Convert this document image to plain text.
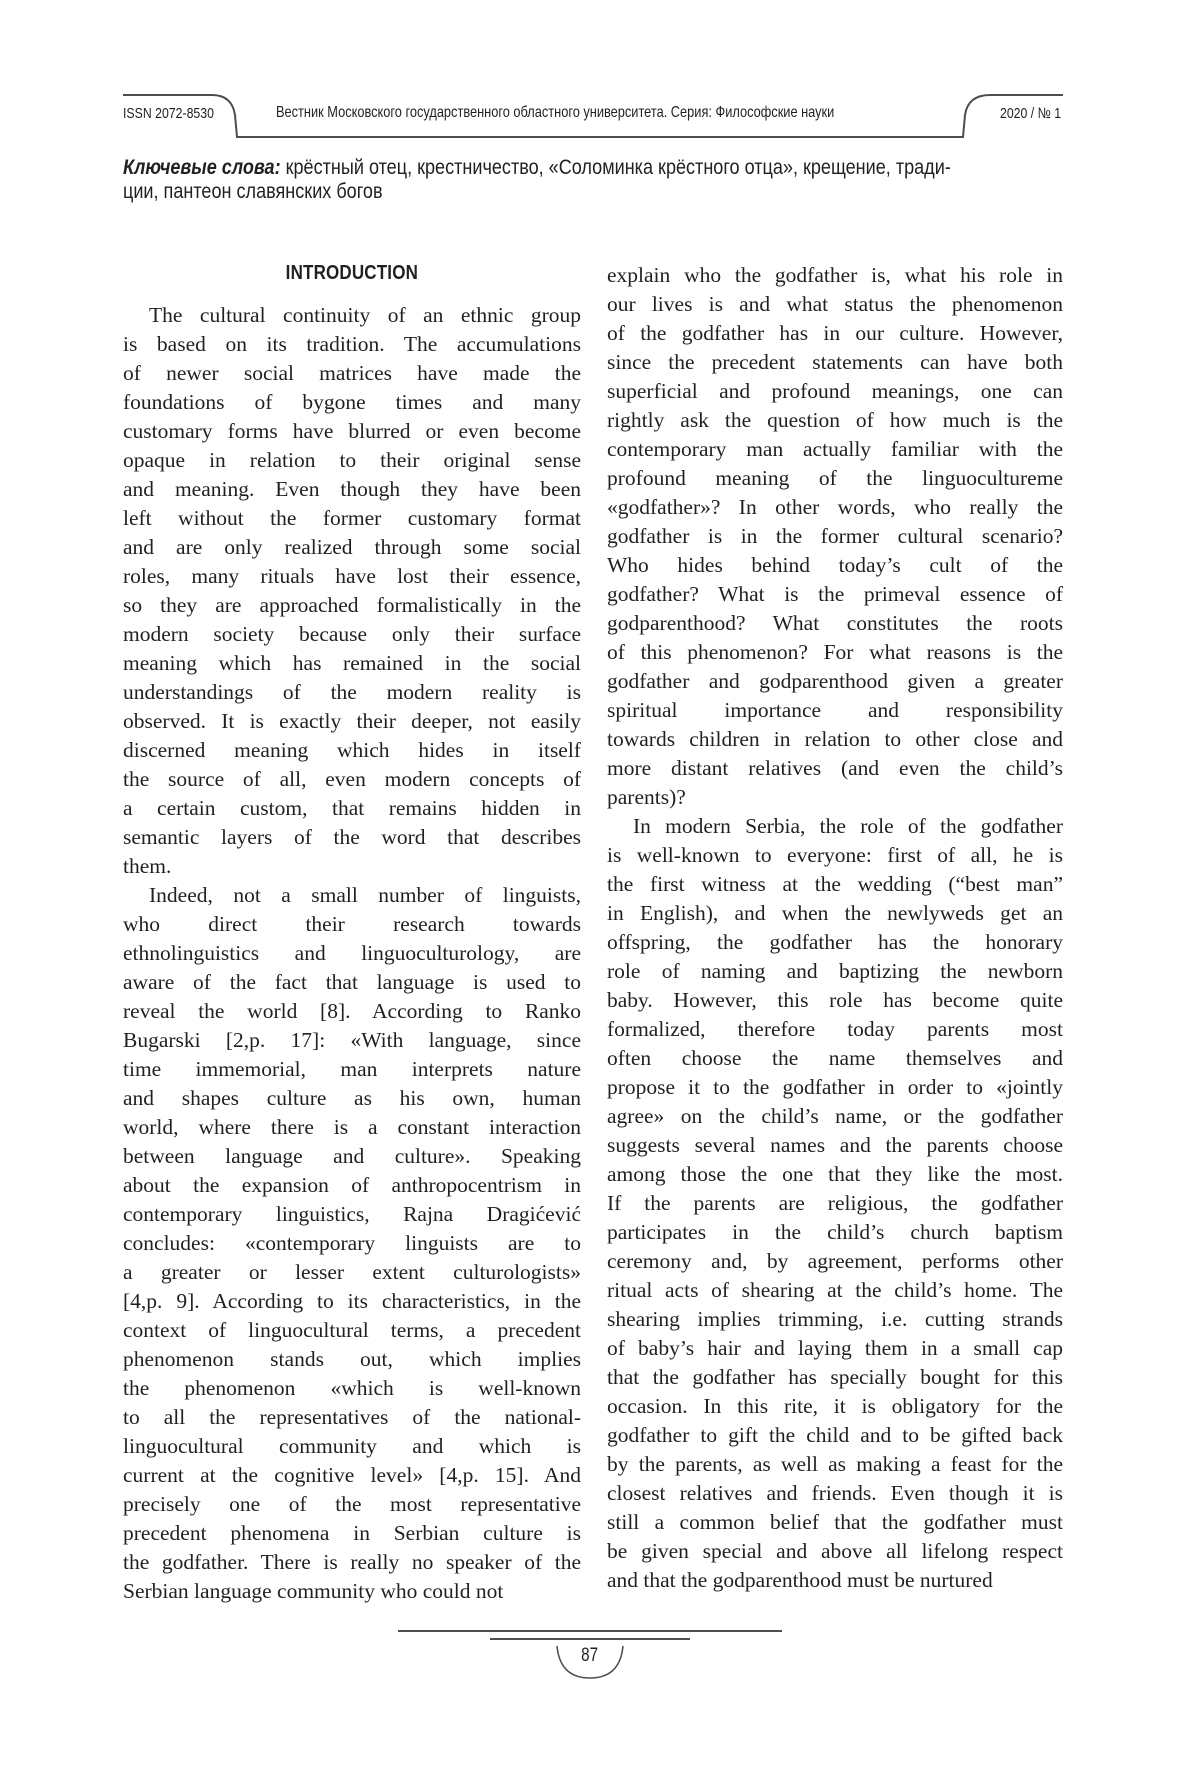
ISSN 2072-8530	Вестник Московского государственного областного университета. Серия: Философские науки	2020 / № 1
Ключевые слова: крёстный отец, крестничество, «Соломинка крёстного отца», крещение, тради-
ции, пантеон славянских богов
INTRODUCTION
The cultural continuity of an ethnic group
is based on its tradition. The accumulations
of newer social matrices have made the
foundations of bygone times and many
customary forms have blurred or even become
opaque in relation to their original sense
and meaning. Even though they have been
left without the former customary format
and are only realized through some social
roles, many rituals have lost their essence,
so they are approached formalistically in the
modern society because only their surface
meaning which has remained in the social
understandings of the modern reality is
observed. It is exactly their deeper, not easily
discerned meaning which hides in itself
the source of all, even modern concepts of
a certain custom, that remains hidden in
semantic layers of the word that describes
them.
Indeed, not a small number of linguists,
who direct their research towards
ethnolinguistics and linguoculturology, are
aware of the fact that language is used to
reveal the world [8]. According to Ranko
Bugarski [2,p. 17]: «With language, since
time immemorial, man interprets nature
and shapes culture as his own, human
world, where there is a constant interaction
between language and culture». Speaking
about the expansion of anthropocentrism in
contemporary linguistics, Rajna Dragićević
concludes: «contemporary linguists are to
a greater or lesser extent culturologists»
[4,p. 9]. According to its characteristics, in the
context of linguocultural terms, a precedent
phenomenon stands out, which implies
the phenomenon «which is well-known
to all the representatives of the national-
linguocultural community and which is
current at the cognitive level» [4,p. 15]. And
precisely one of the most representative
precedent phenomena in Serbian culture is
the godfather. There is really no speaker of the
Serbian language community who could not
explain who the godfather is, what his role in
our lives is and what status the phenomenon
of the godfather has in our culture. However,
since the precedent statements can have both
superficial and profound meanings, one can
rightly ask the question of how much is the
contemporary man actually familiar with the
profound meaning of the linguocultureme
«godfather»? In other words, who really the
godfather is in the former cultural scenario?
Who hides behind today’s cult of the
godfather? What is the primeval essence of
godparenthood? What constitutes the roots
of this phenomenon? For what reasons is the
godfather and godparenthood given a greater
spiritual importance and responsibility
towards children in relation to other close and
more distant relatives (and even the child’s
parents)?
In modern Serbia, the role of the godfather
is well-known to everyone: first of all, he is
the first witness at the wedding (“best man”
in English), and when the newlyweds get an
offspring, the godfather has the honorary
role of naming and baptizing the newborn
baby. However, this role has become quite
formalized, therefore today parents most
often choose the name themselves and
propose it to the godfather in order to «jointly
agree» on the child’s name, or the godfather
suggests several names and the parents choose
among those the one that they like the most.
If the parents are religious, the godfather
participates in the child’s church baptism
ceremony and, by agreement, performs other
ritual acts of shearing at the child’s home. The
shearing implies trimming, i.e. cutting strands
of baby’s hair and laying them in a small cap
that the godfather has specially bought for this
occasion. In this rite, it is obligatory for the
godfather to gift the child and to be gifted back
by the parents, as well as making a feast for the
closest relatives and friends. Even though it is
still a common belief that the godfather must
be given special and above all lifelong respect
and that the godparenthood must be nurtured
87
